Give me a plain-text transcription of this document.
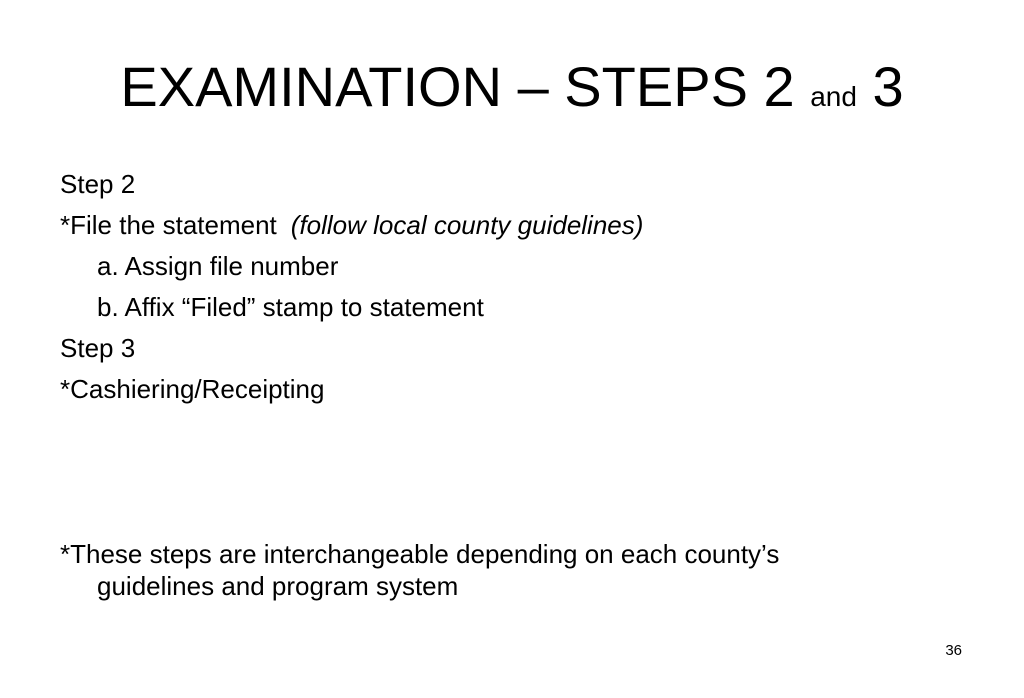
EXAMINATION – STEPS 2 and 3
Step 2
*File the statement (follow local county guidelines)
a. Assign file number
b. Affix “Filed” stamp to statement
Step 3
*Cashiering/Receipting
*These steps are interchangeable depending on each county’s
guidelines and program system
36
